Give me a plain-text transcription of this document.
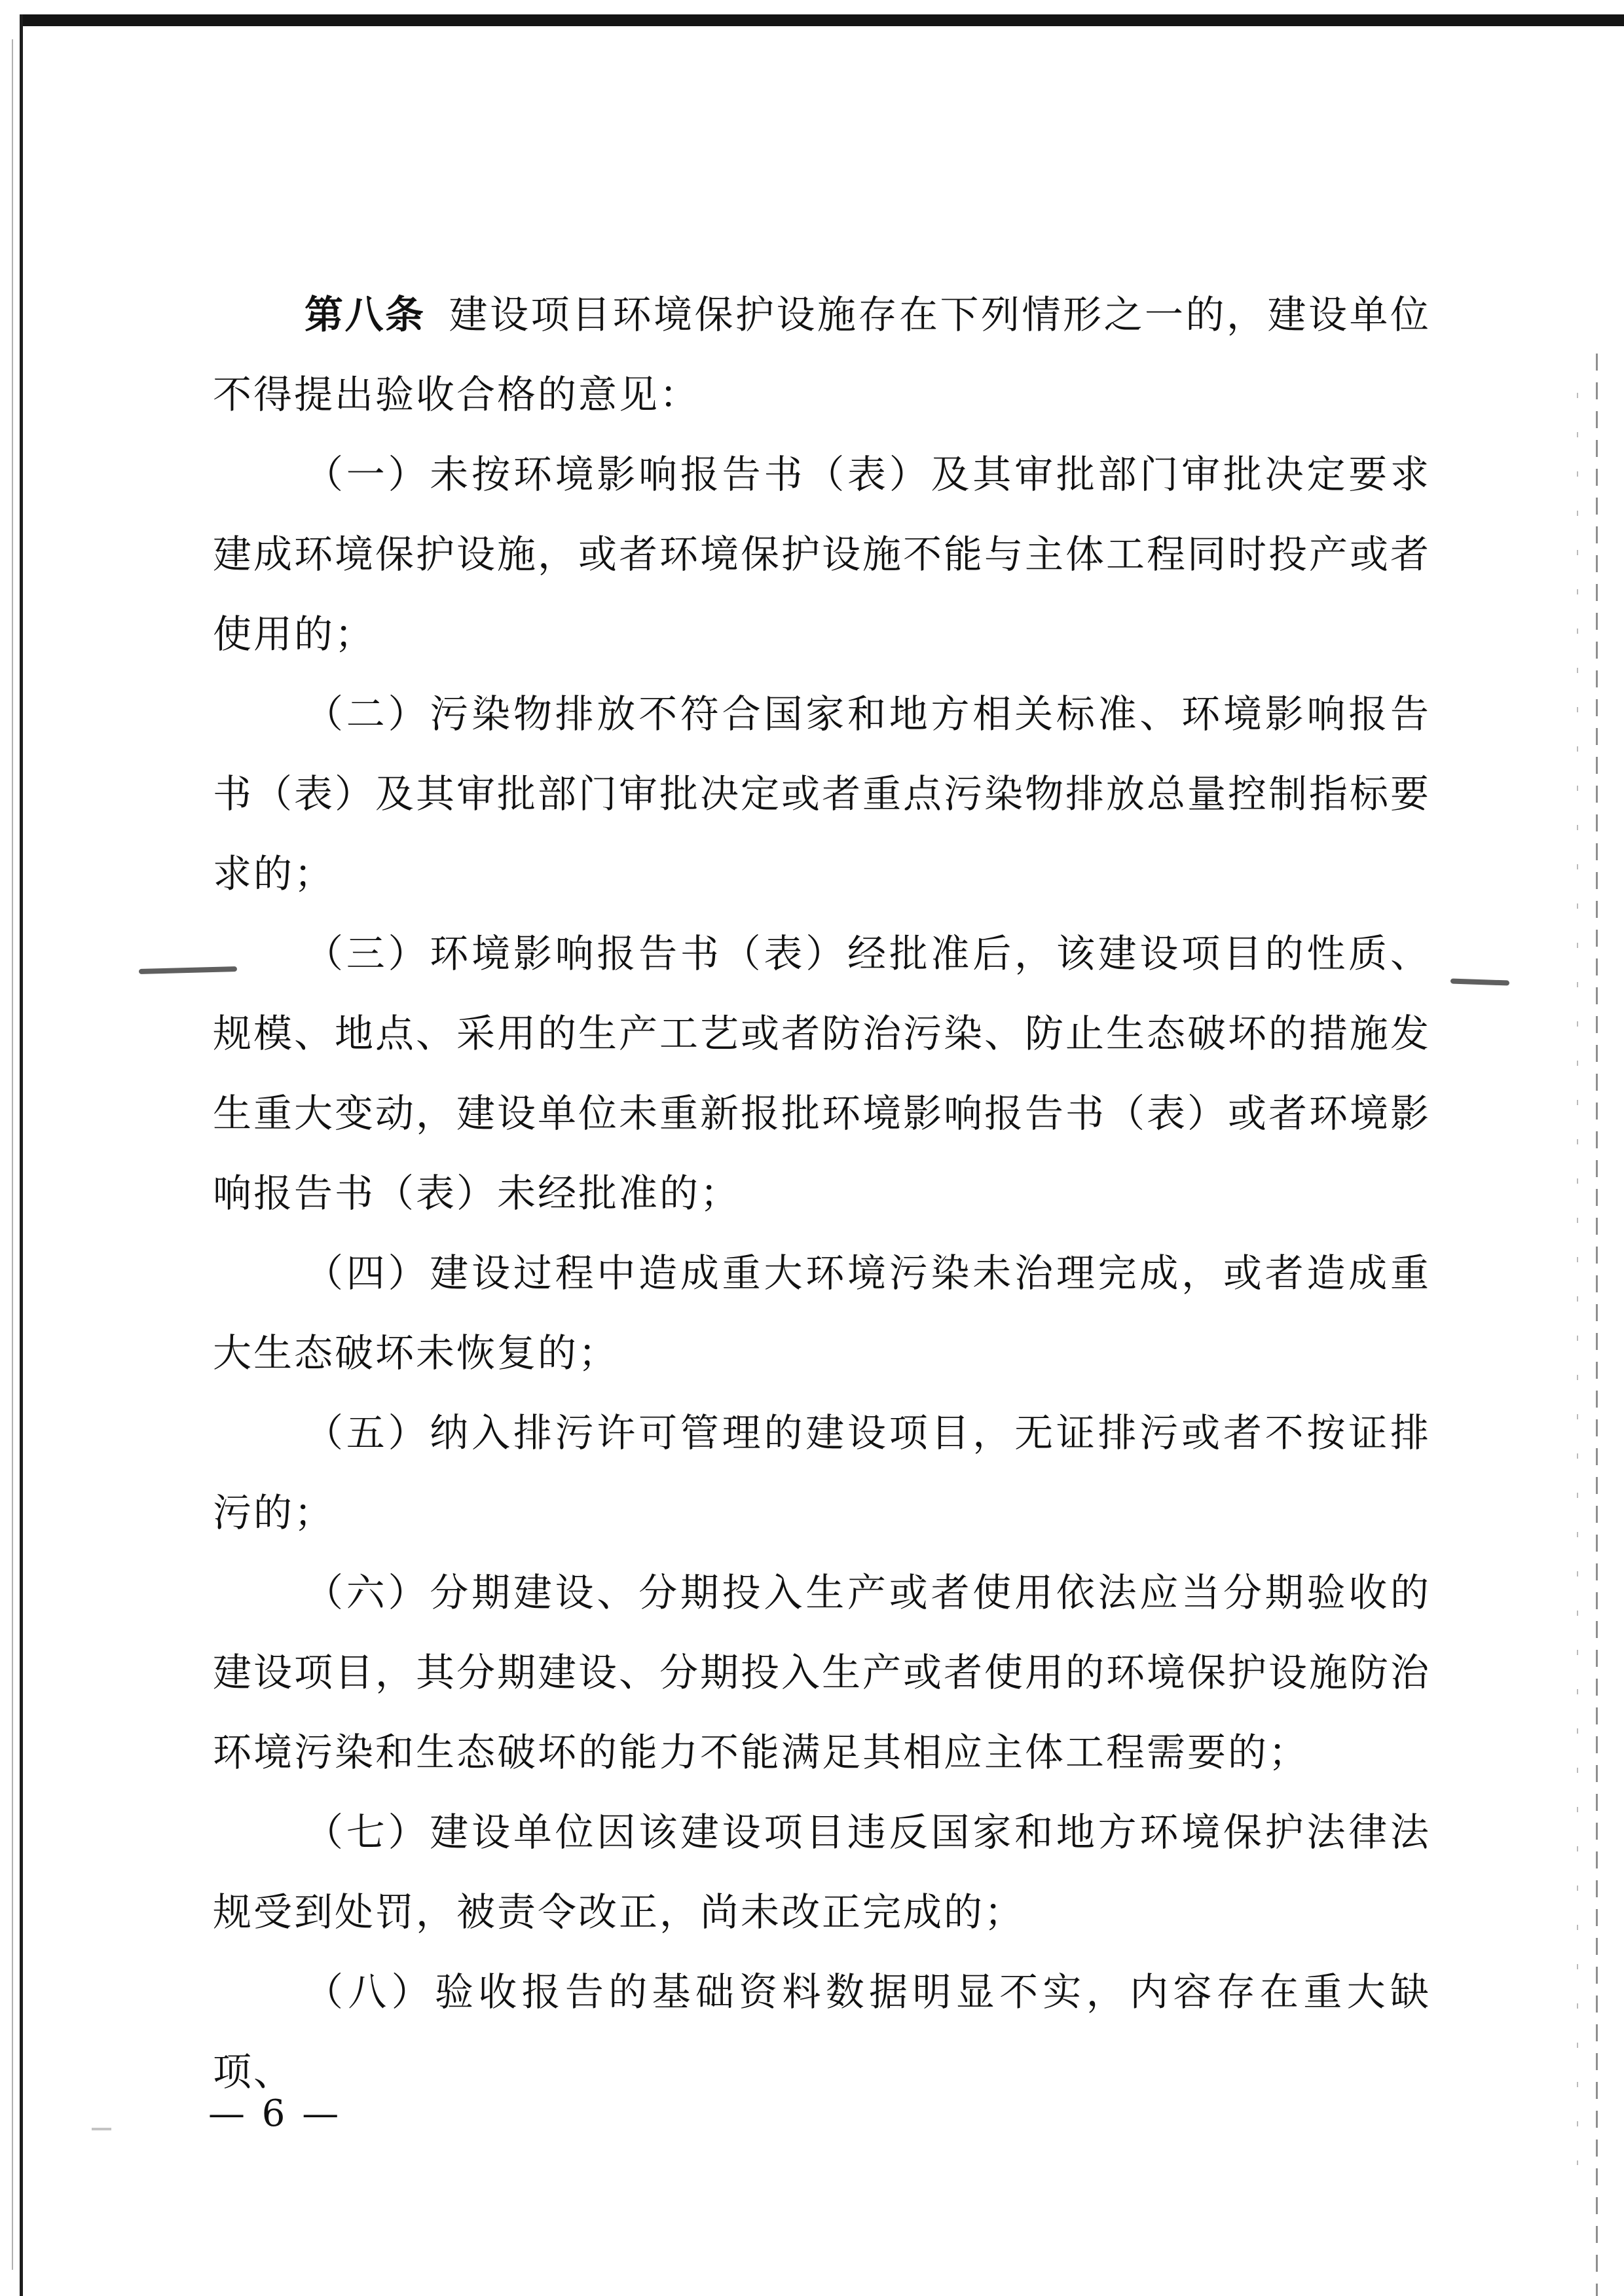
第八条 建设项目环境保护设施存在下列情形之一的，建设单位不得提出验收合格的意见：

（一）未按环境影响报告书（表）及其审批部门审批决定要求建成环境保护设施，或者环境保护设施不能与主体工程同时投产或者使用的；

（二）污染物排放不符合国家和地方相关标准、环境影响报告书（表）及其审批部门审批决定或者重点污染物排放总量控制指标要求的；

（三）环境影响报告书（表）经批准后，该建设项目的性质、规模、地点、采用的生产工艺或者防治污染、防止生态破坏的措施发生重大变动，建设单位未重新报批环境影响报告书（表）或者环境影响报告书（表）未经批准的；

（四）建设过程中造成重大环境污染未治理完成，或者造成重大生态破坏未恢复的；

（五）纳入排污许可管理的建设项目，无证排污或者不按证排污的；

（六）分期建设、分期投入生产或者使用依法应当分期验收的建设项目，其分期建设、分期投入生产或者使用的环境保护设施防治环境污染和生态破坏的能力不能满足其相应主体工程需要的；

（七）建设单位因该建设项目违反国家和地方环境保护法律法规受到处罚，被责令改正，尚未改正完成的；

（八）验收报告的基础资料数据明显不实，内容存在重大缺项、

— 6 —
